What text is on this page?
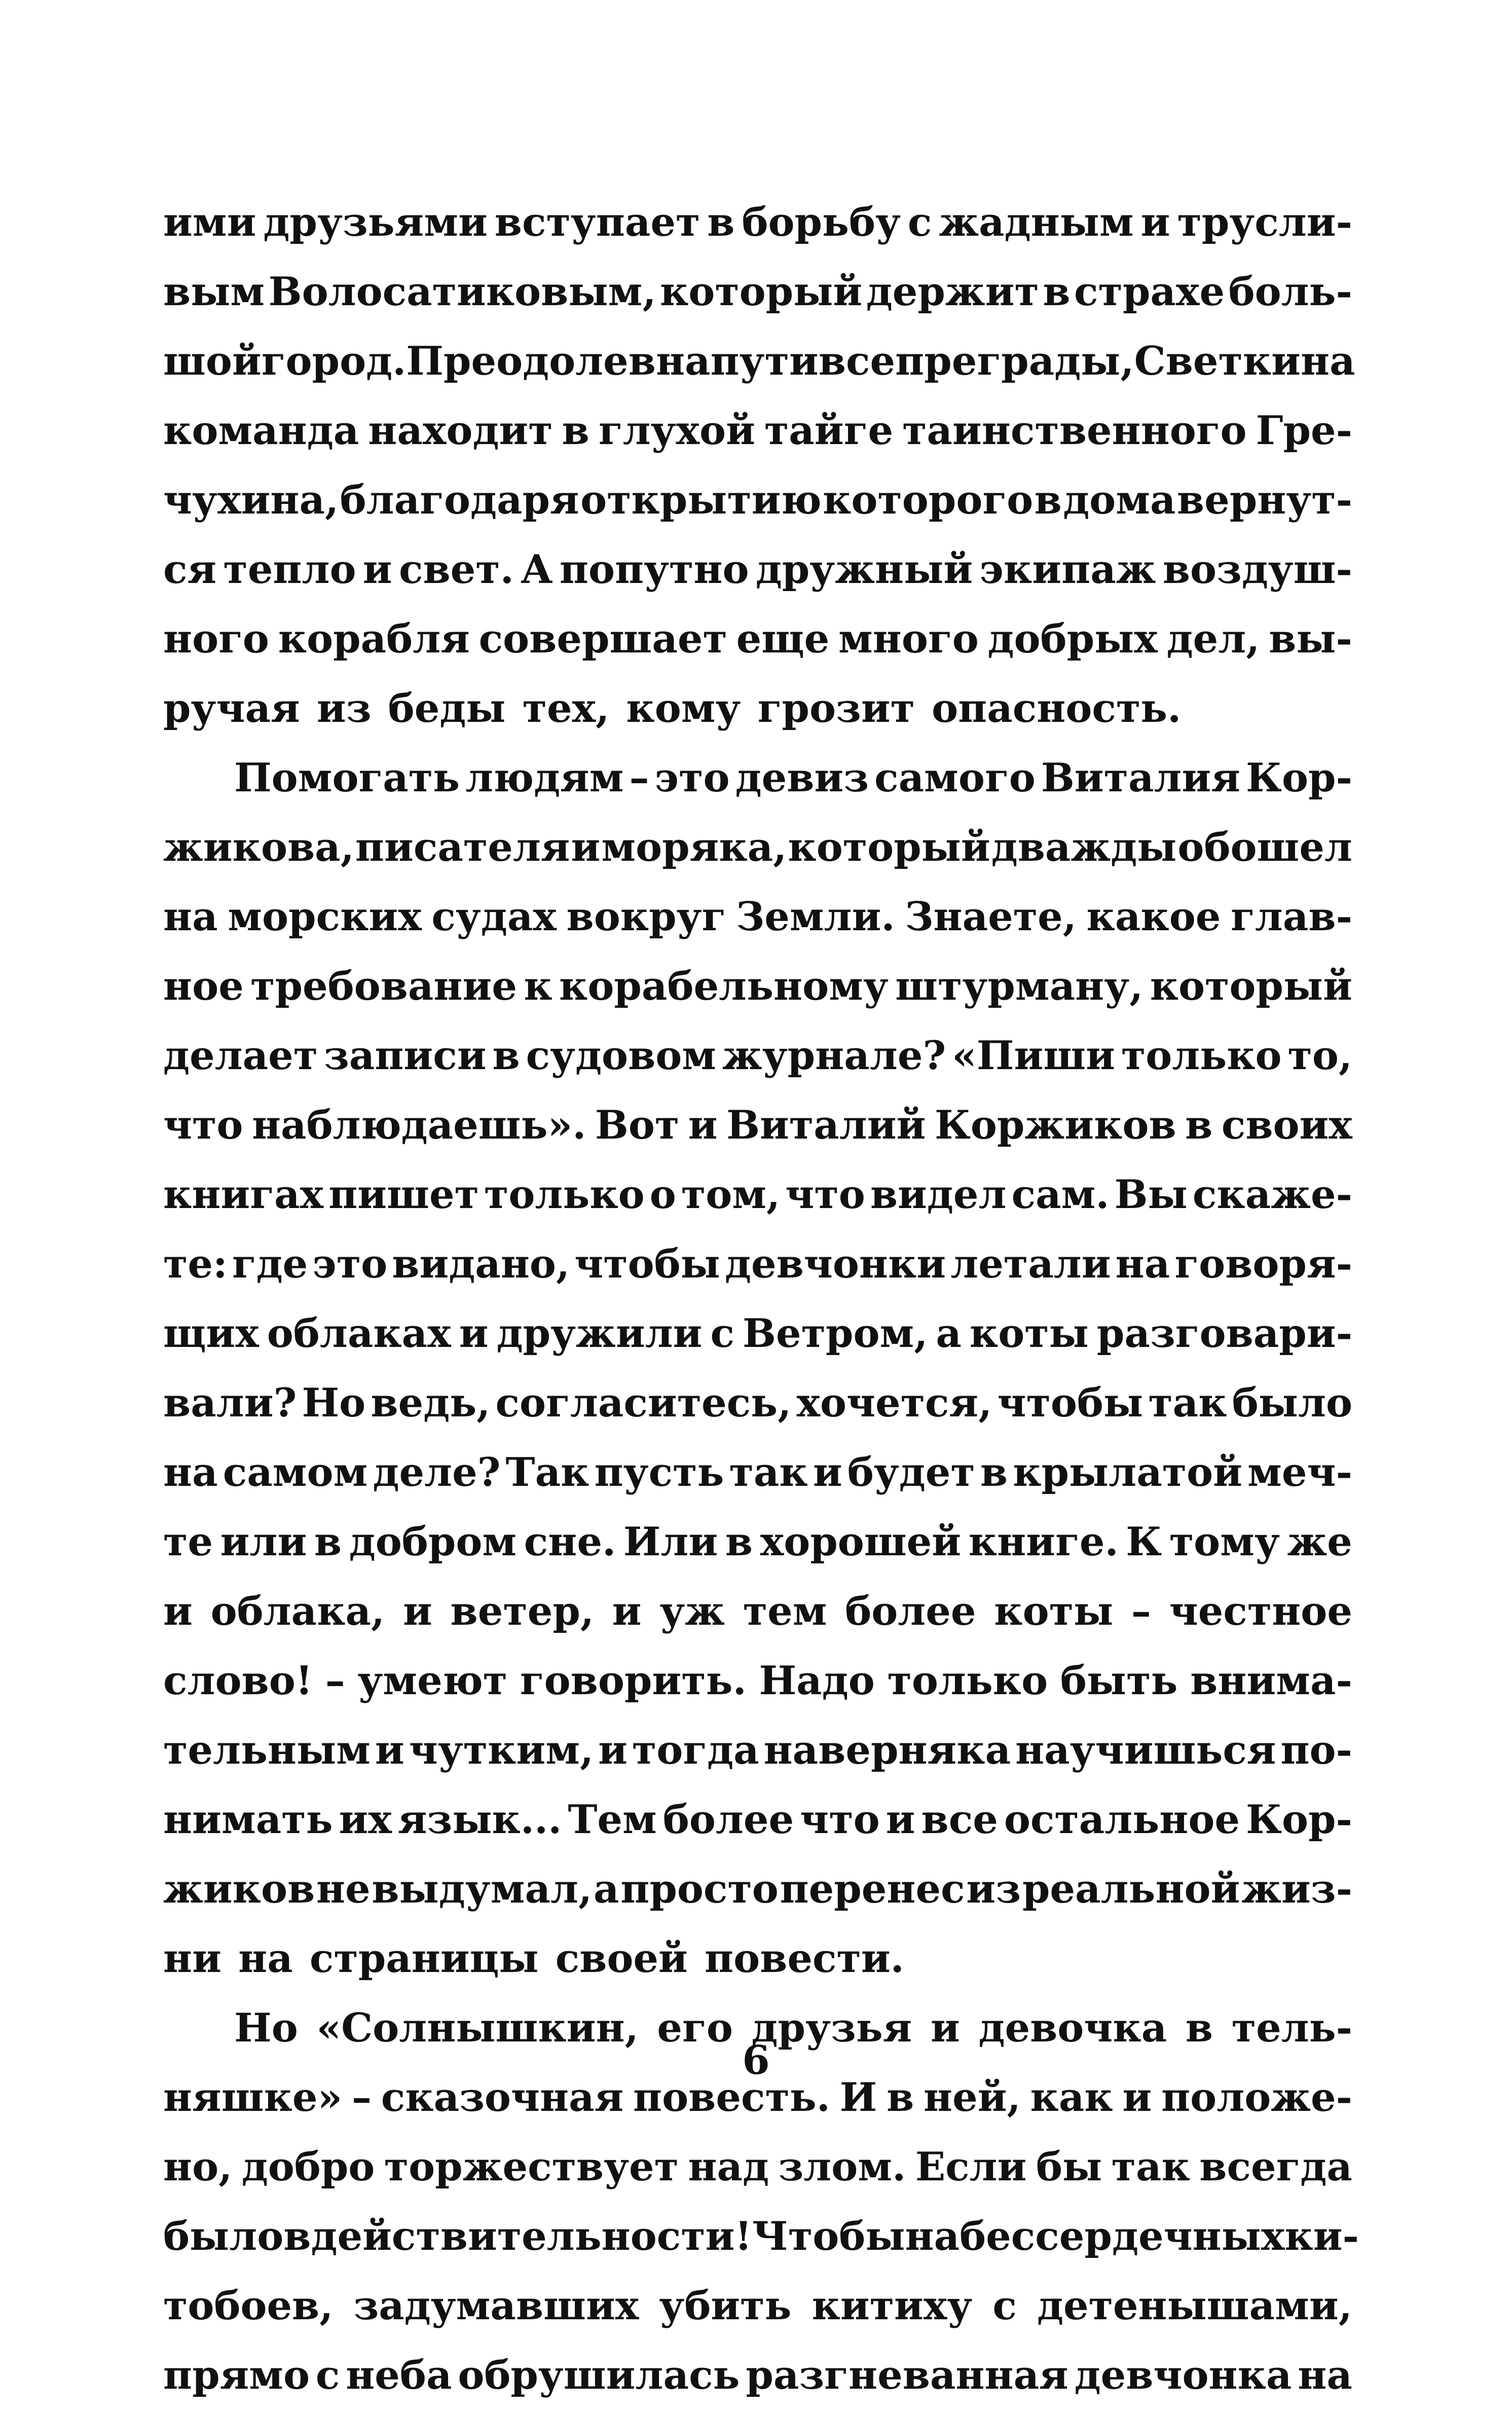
ими друзьями вступает в борьбу с жадным и трусли-
вым Волосатиковым, который держит в страхе боль-
шой город. Преодолев на пути все преграды, Светкина
команда находит в глухой тайге таинственного Гре-
чухина, благодаря открытию которого в дома вернут-
ся тепло и свет. А попутно дружный экипаж воздуш-
ного корабля совершает еще много добрых дел, вы-
ручая из беды тех, кому грозит опасность.
Помогать людям – это девиз самого Виталия Кор-
жикова, писателя и моряка, который дважды обошел
на морских судах вокруг Земли. Знаете, какое глав-
ное требование к корабельному штурману, который
делает записи в судовом журнале? «Пиши только то,
что наблюдаешь». Вот и Виталий Коржиков в своих
книгах пишет только о том, что видел сам. Вы скаже-
те: где это видано, чтобы девчонки летали на говоря-
щих облаках и дружили с Ветром, а коты разговари-
вали? Но ведь, согласитесь, хочется, чтобы так было
на самом деле? Так пусть так и будет в крылатой меч-
те или в добром сне. Или в хорошей книге. К тому же
и облака, и ветер, и уж тем более коты – честное
слово! – умеют говорить. Надо только быть внима-
тельным и чутким, и тогда наверняка научишься по-
нимать их язык... Тем более что и все остальное Кор-
жиков не выдумал, а просто перенес из реальной жиз-
ни на страницы своей повести.
Но «Солнышкин, его друзья и девочка в тель-
няшке» – сказочная повесть. И в ней, как и положе-
но, добро торжествует над злом. Если бы так всегда
было в действительности! Чтобы на бессердечных ки-
тобоев, задумавших убить китиху с детенышами,
прямо с неба обрушилась разгневанная девчонка на
6
